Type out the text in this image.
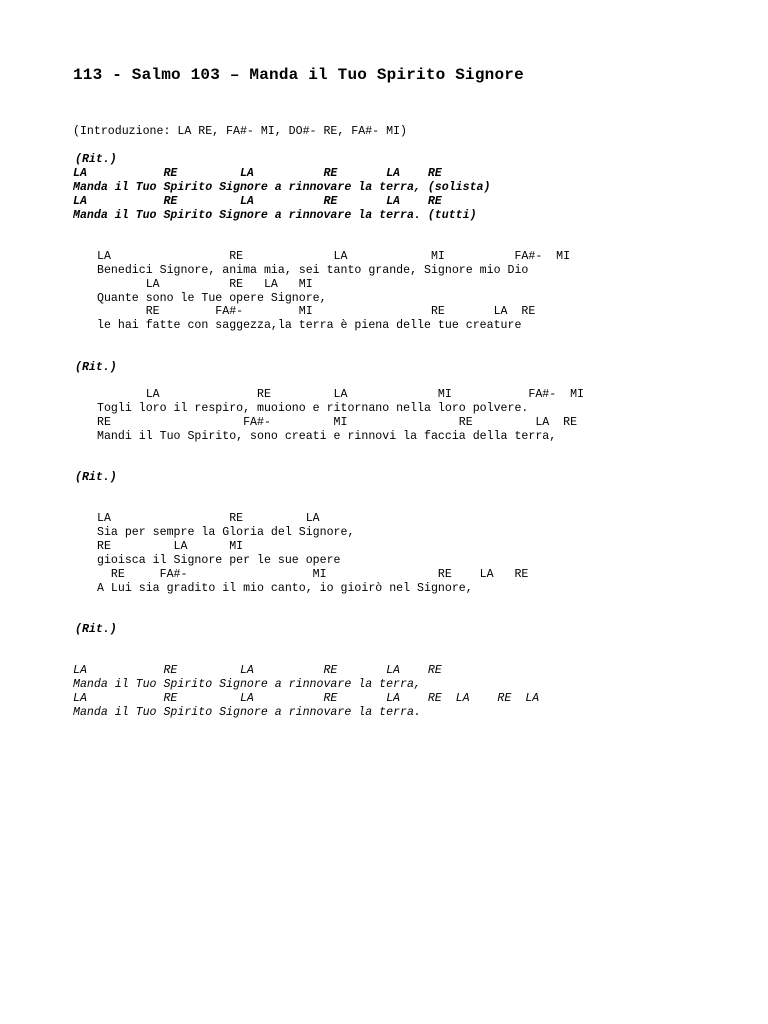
113 - Salmo 103 – Manda il Tuo Spirito Signore
(Introduzione: LA RE, FA#- MI, DO#- RE, FA#- MI)
(Rit.)
LA           RE         LA          RE       LA    RE
Manda il Tuo Spirito Signore a rinnovare la terra, (solista)
LA           RE         LA          RE       LA    RE
Manda il Tuo Spirito Signore a rinnovare la terra. (tutti)
LA                 RE             LA            MI          FA#-  MI
Benedici Signore, anima mia, sei tanto grande, Signore mio Dio
LA          RE   LA   MI
Quante sono le Tue opere Signore,
RE        FA#-        MI                 RE       LA  RE
le hai fatte con saggezza,la terra è piena delle tue creature
(Rit.)
LA              RE         LA             MI           FA#-  MI
Togli loro il respiro, muoiono e ritornano nella loro polvere.
RE                   FA#-         MI                RE         LA  RE
Mandi il Tuo Spirito, sono creati e rinnovi la faccia della terra,
(Rit.)
LA                 RE         LA
Sia per sempre la Gloria del Signore,
RE         LA      MI
gioisca il Signore per le sue opere
RE     FA#-                  MI                RE    LA   RE
A Lui sia gradito il mio canto, io gioirò nel Signore,
(Rit.)
LA           RE         LA          RE       LA    RE
Manda il Tuo Spirito Signore a rinnovare la terra,
LA           RE         LA          RE       LA    RE  LA    RE  LA
Manda il Tuo Spirito Signore a rinnovare la terra.
